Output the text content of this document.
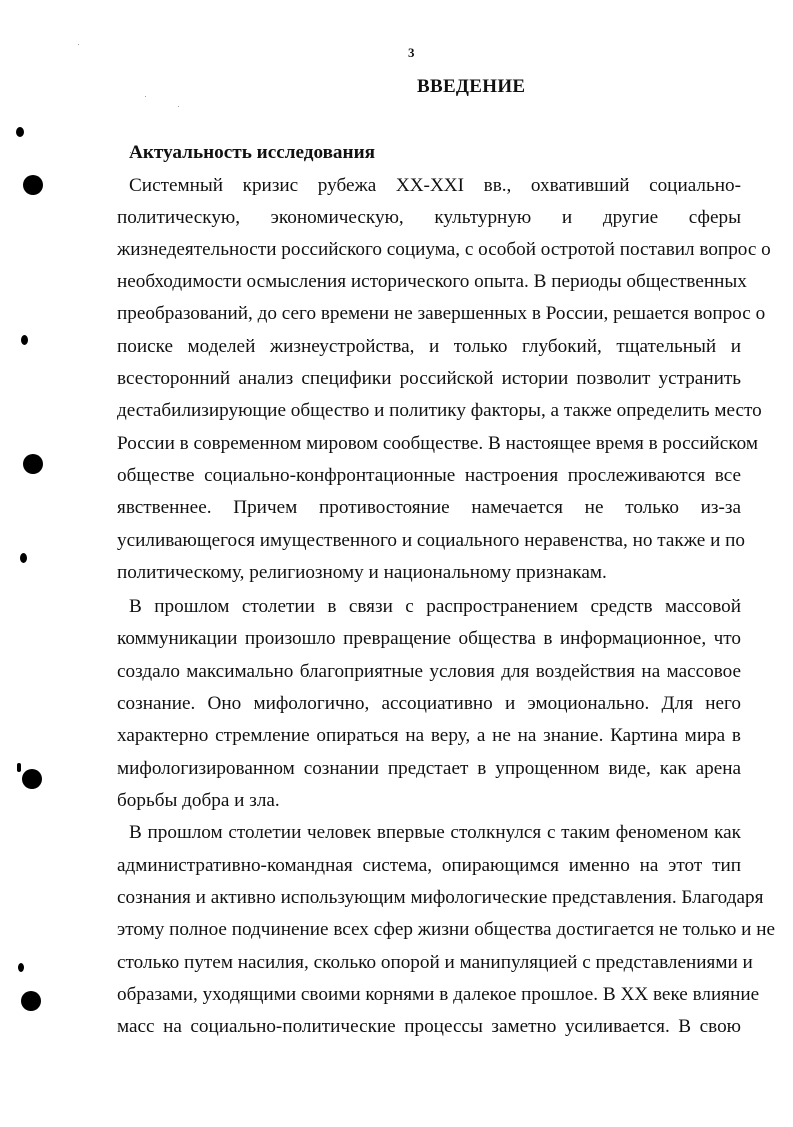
3
ВВЕДЕНИЕ
Актуальность исследования
Системный кризис рубежа XX-XXI вв., охвативший социально-
политическую, экономическую, культурную и другие сферы
жизнедеятельности российского социума, с особой остротой поставил вопрос о
необходимости осмысления исторического опыта. В периоды общественных
преобразований, до сего времени не завершенных в России, решается вопрос о
поиске моделей жизнеустройства, и только глубокий, тщательный и
всесторонний анализ специфики российской истории позволит устранить
дестабилизирующие общество и политику факторы, а также определить место
России в современном мировом сообществе. В настоящее время в российском
обществе социально-конфронтационные настроения прослеживаются все
явственнее. Причем противостояние намечается не только из-за
усиливающегося имущественного и социального неравенства, но также и по
политическому, религиозному и национальному признакам.
В прошлом столетии в связи с распространением средств массовой
коммуникации произошло превращение общества в информационное, что
создало максимально благоприятные условия для воздействия на массовое
сознание. Оно мифологично, ассоциативно и эмоционально. Для него
характерно стремление опираться на веру, а не на знание. Картина мира в
мифологизированном сознании предстает в упрощенном виде, как арена
борьбы добра и зла.
В прошлом столетии человек впервые столкнулся с таким феноменом как
административно-командная система, опирающимся именно на этот тип
сознания и активно использующим мифологические представления. Благодаря
этому полное подчинение всех сфер жизни общества достигается не только и не
столько путем насилия, сколько опорой и манипуляцией с представлениями и
образами, уходящими своими корнями в далекое прошлое. В XX веке влияние
масс на социально-политические процессы заметно усиливается. В свою
